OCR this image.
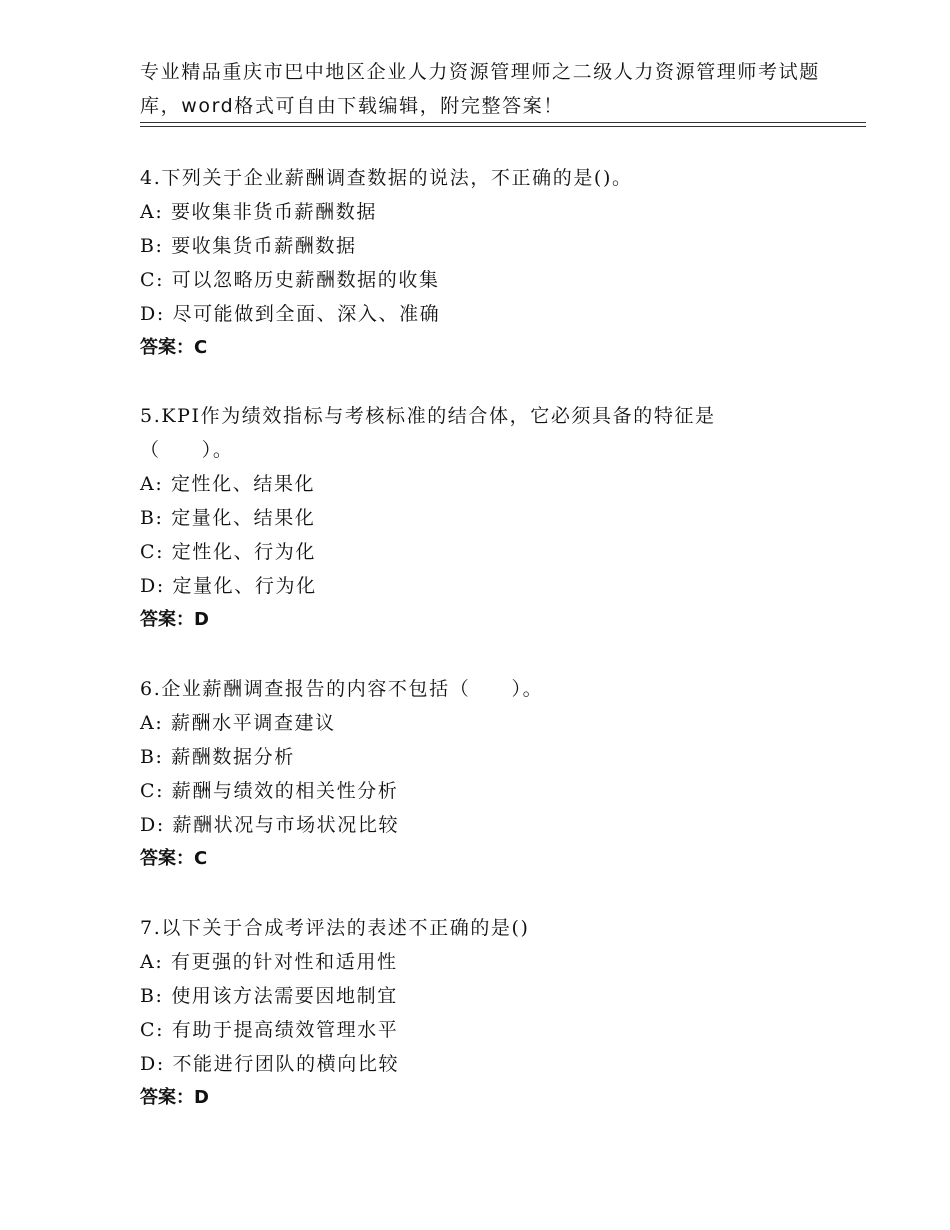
专业精品重庆市巴中地区企业人力资源管理师之二级人力资源管理师考试题
库，word格式可自由下载编辑，附完整答案！
4.下列关于企业薪酬调查数据的说法，不正确的是()。
A: 要收集非货币薪酬数据
B: 要收集货币薪酬数据
C: 可以忽略历史薪酬数据的收集
D: 尽可能做到全面、深入、准确
答案：C
5.KPI作为绩效指标与考核标准的结合体，它必须具备的特征是
（　　）。
A: 定性化、结果化
B: 定量化、结果化
C: 定性化、行为化
D: 定量化、行为化
答案：D
6.企业薪酬调查报告的内容不包括（　　）。
A: 薪酬水平调查建议
B: 薪酬数据分析
C: 薪酬与绩效的相关性分析
D: 薪酬状况与市场状况比较
答案：C
7.以下关于合成考评法的表述不正确的是()
A: 有更强的针对性和适用性
B: 使用该方法需要因地制宜
C: 有助于提高绩效管理水平
D: 不能进行团队的横向比较
答案：D
